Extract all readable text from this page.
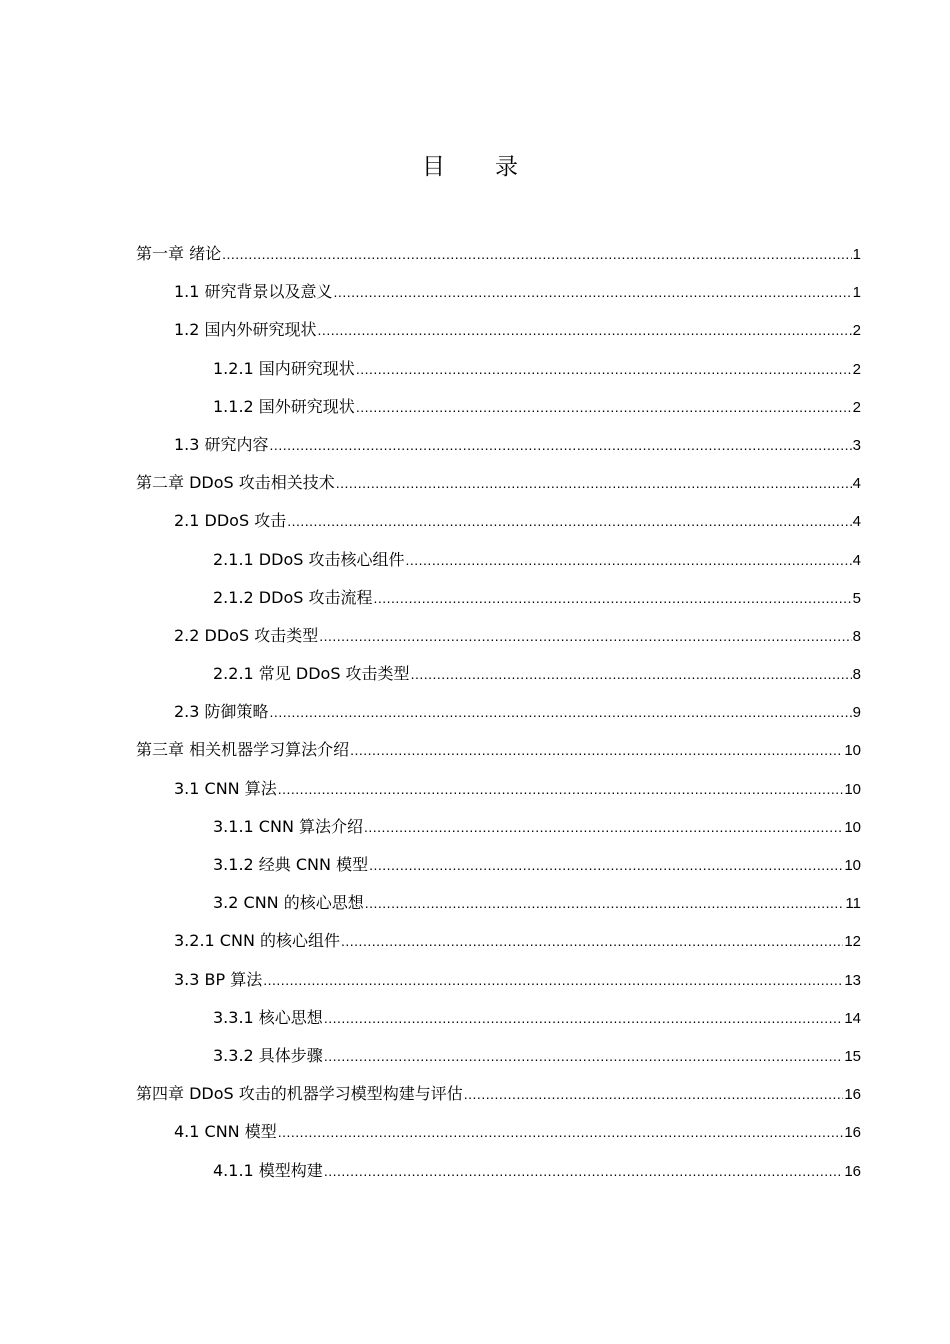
目录
第一章 绪论 .....	1
1.1 研究背景以及意义 .....	1
1.2 国内外研究现状 .....	2
1.2.1 国内研究现状 .....	2
1.1.2 国外研究现状 .....	2
1.3 研究内容 .....	3
第二章 DDoS 攻击相关技术 .....	4
2.1 DDoS 攻击 .....	4
2.1.1 DDoS 攻击核心组件 .....	4
2.1.2 DDoS 攻击流程 .....	5
2.2 DDoS 攻击类型 .....	8
2.2.1 常见 DDoS 攻击类型 .....	8
2.3 防御策略 .....	9
第三章 相关机器学习算法介绍 .....	10
3.1 CNN 算法 .....	10
3.1.1 CNN 算法介绍 .....	10
3.1.2 经典 CNN 模型 .....	10
3.2 CNN 的核心思想 .....	11
3.2.1 CNN 的核心组件 .....	12
3.3 BP 算法 .....	13
3.3.1 核心思想 .....	14
3.3.2 具体步骤 .....	15
第四章 DDoS 攻击的机器学习模型构建与评估 .....	16
4.1 CNN 模型 .....	16
4.1.1 模型构建 .....	16
